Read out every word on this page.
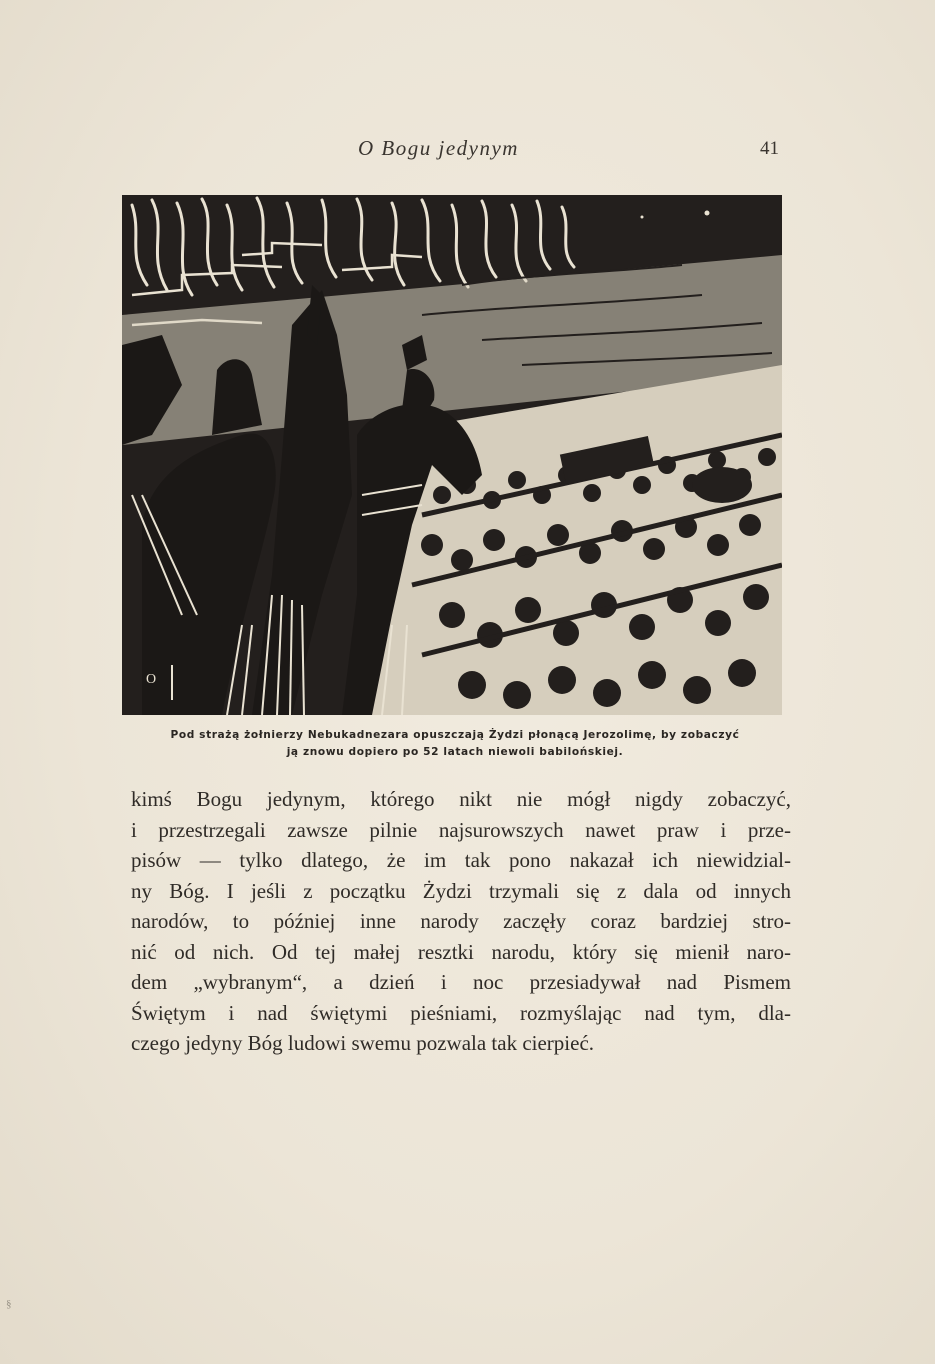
O Bogu jedynym	41
O
Pod strażą żołnierzy Nebukadnezara opuszczają Żydzi płonącą Jerozolimę, by zobaczyć
ją znowu dopiero po 52 latach niewoli babilońskiej.
kimś Bogu jedynym, którego nikt nie mógł nigdy zobaczyć,
i przestrzegali zawsze pilnie najsurowszych nawet praw i prze-
pisów — tylko dlatego, że im tak pono nakazał ich niewidzial-
ny Bóg. I jeśli z początku Żydzi trzymali się z dala od innych
narodów, to później inne narody zaczęły coraz bardziej stro-
nić od nich. Od tej małej resztki narodu, który się mienił naro-
dem „wybranym“, a dzień i noc przesiadywał nad Pismem
Świętym i nad świętymi pieśniami, rozmyślając nad tym, dla-
czego jedyny Bóg ludowi swemu pozwala tak cierpieć.
§
